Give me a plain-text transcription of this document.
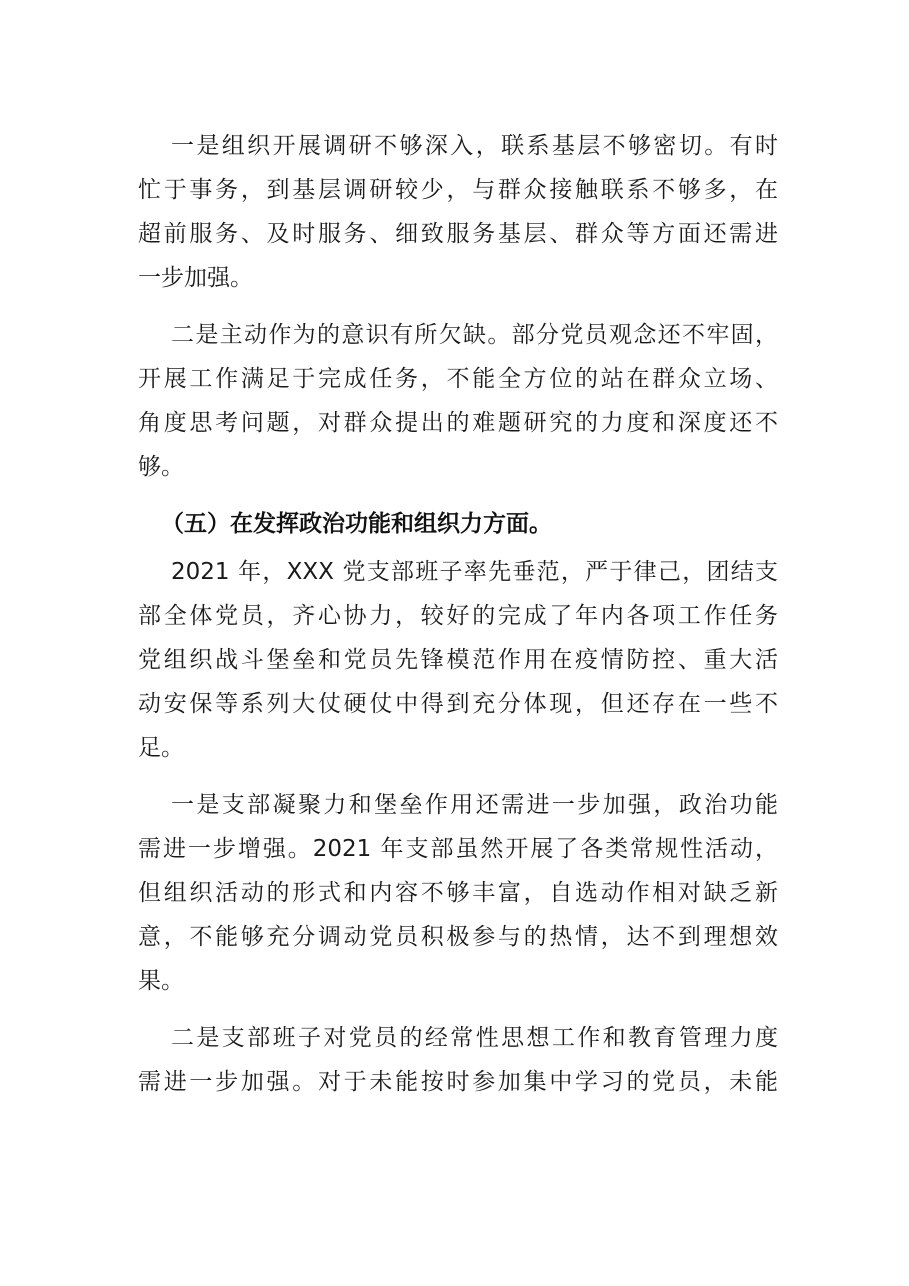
一是组织开展调研不够深入，联系基层不够密切。有时
忙于事务，到基层调研较少，与群众接触联系不够多，在
超前服务、及时服务、细致服务基层、群众等方面还需进
一步加强。
二是主动作为的意识有所欠缺。部分党员观念还不牢固，
开展工作满足于完成任务，不能全方位的站在群众立场、
角度思考问题，对群众提出的难题研究的力度和深度还不
够。
（五）在发挥政治功能和组织力方面。
2021 年，XXX 党支部班子率先垂范，严于律己，团结支
部全体党员，齐心协力，较好的完成了年内各项工作任务
党组织战斗堡垒和党员先锋模范作用在疫情防控、重大活
动安保等系列大仗硬仗中得到充分体现，但还存在一些不
足。
一是支部凝聚力和堡垒作用还需进一步加强，政治功能
需进一步增强。2021 年支部虽然开展了各类常规性活动，
但组织活动的形式和内容不够丰富，自选动作相对缺乏新
意，不能够充分调动党员积极参与的热情，达不到理想效
果。
二是支部班子对党员的经常性思想工作和教育管理力度
需进一步加强。对于未能按时参加集中学习的党员，未能
